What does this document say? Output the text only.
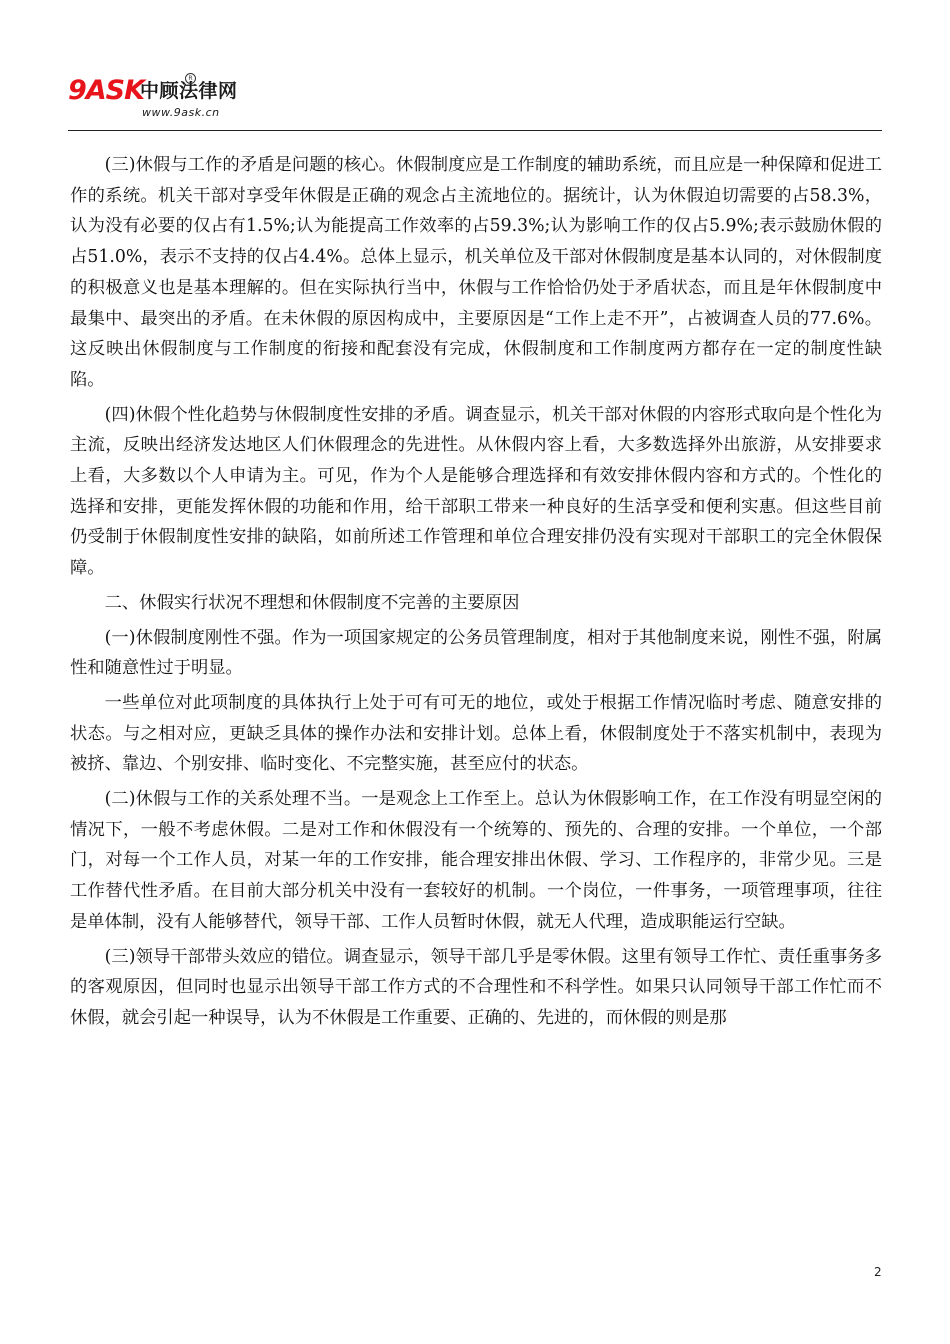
9ASK
中顾法律网
R
www.9ask.cn

(三)休假与工作的矛盾是问题的核心。休假制度应是工作制度的辅助系统，而且应是一种保障和促进工作的系统。机关干部对享受年休假是正确的观念占主流地位的。据统计，认为休假迫切需要的占58.3%，认为没有必要的仅占有1.5%;认为能提高工作效率的占59.3%;认为影响工作的仅占5.9%;表示鼓励休假的占51.0%，表示不支持的仅占4.4%。总体上显示，机关单位及干部对休假制度是基本认同的，对休假制度的积极意义也是基本理解的。但在实际执行当中，休假与工作恰恰仍处于矛盾状态，而且是年休假制度中最集中、最突出的矛盾。在未休假的原因构成中，主要原因是“工作上走不开”，占被调查人员的77.6%。这反映出休假制度与工作制度的衔接和配套没有完成，休假制度和工作制度两方都存在一定的制度性缺陷。

(四)休假个性化趋势与休假制度性安排的矛盾。调查显示，机关干部对休假的内容形式取向是个性化为主流，反映出经济发达地区人们休假理念的先进性。从休假内容上看，大多数选择外出旅游，从安排要求上看，大多数以个人申请为主。可见，作为个人是能够合理选择和有效安排休假内容和方式的。个性化的选择和安排，更能发挥休假的功能和作用，给干部职工带来一种良好的生活享受和便利实惠。但这些目前仍受制于休假制度性安排的缺陷，如前所述工作管理和单位合理安排仍没有实现对干部职工的完全休假保障。

二、休假实行状况不理想和休假制度不完善的主要原因

(一)休假制度刚性不强。作为一项国家规定的公务员管理制度，相对于其他制度来说，刚性不强，附属性和随意性过于明显。

一些单位对此项制度的具体执行上处于可有可无的地位，或处于根据工作情况临时考虑、随意安排的状态。与之相对应，更缺乏具体的操作办法和安排计划。总体上看，休假制度处于不落实机制中，表现为被挤、靠边、个别安排、临时变化、不完整实施，甚至应付的状态。

(二)休假与工作的关系处理不当。一是观念上工作至上。总认为休假影响工作，在工作没有明显空闲的情况下，一般不考虑休假。二是对工作和休假没有一个统筹的、预先的、合理的安排。一个单位，一个部门，对每一个工作人员，对某一年的工作安排，能合理安排出休假、学习、工作程序的，非常少见。三是工作替代性矛盾。在目前大部分机关中没有一套较好的机制。一个岗位，一件事务，一项管理事项，往往是单体制，没有人能够替代，领导干部、工作人员暂时休假，就无人代理，造成职能运行空缺。

(三)领导干部带头效应的错位。调查显示，领导干部几乎是零休假。这里有领导工作忙、责任重事务多的客观原因，但同时也显示出领导干部工作方式的不合理性和不科学性。如果只认同领导干部工作忙而不休假，就会引起一种误导，认为不休假是工作重要、正确的、先进的，而休假的则是那

2
